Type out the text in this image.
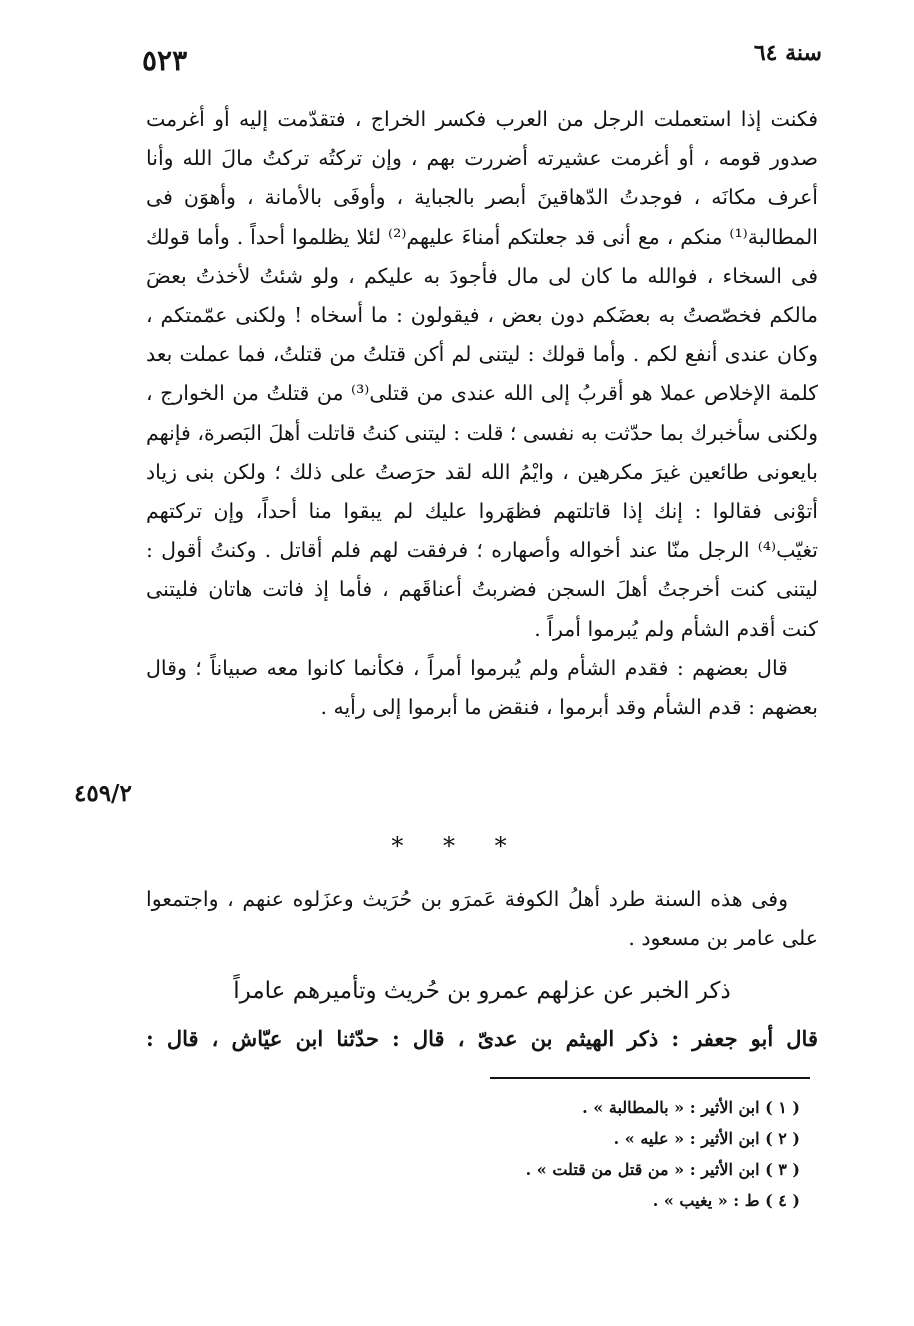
٥٢٣	سنة ٦٤

فكنت إذا استعملت الرجل من العرب فكسر الخراج ، فتقدّمت إليه أو أغرمت صدور قومه ، أو أغرمت عشيرته أضررت بهم ، وإن تركتُه تركتُ مالَ الله وأنا أعرف مكانَه ، فوجدتُ الدّهاقينَ أبصر بالجباية ، وأوفَى بالأمانة ، وأهوَن فى المطالبة⁽¹⁾ منكم ، مع أنى قد جعلتكم أمناءَ عليهم⁽²⁾ لئلا يظلموا أحداً . وأما قولك فى السخاء ، فوالله ما كان لى مال فأجودَ به عليكم ، ولو شئتُ لأخذتُ بعضَ مالكم فخصّصتُ به بعضَكم دون بعض ، فيقولون : ما أسخاه ! ولكنى عمّمتكم ، وكان عندى أنفع لكم . وأما قولك : ليتنى لم أكن قتلتُ من قتلتُ، فما عملت بعد كلمة الإخلاص عملا هو أقربُ إلى الله عندى من قتلى⁽³⁾ من قتلتُ من الخوارج ، ولكنى سأخبرك بما حدّثت به نفسى ؛ قلت : ليتنى كنتُ قاتلت أهلَ البَصرة، فإنهم بايعونى طائعين غيرَ مكرهين ، وايْمُ الله لقد حرَصتُ على ذلك ؛ ولكن بنى زياد أتوْنى فقالوا : إنك إذا قاتلتهم فظهَروا عليك لم يبقوا منا أحداً، وإن تركتهم تغيّب⁽⁴⁾ الرجل منّا عند أخواله وأصهاره ؛ فرفقت لهم فلم أقاتل . وكنتُ أقول : ليتنى كنت أخرجتُ أهلَ السجن فضربتُ أعناقَهم ، فأما إذ فاتت هاتان فليتنى كنت أقدم الشأم ولم يُبرموا أمراً .

قال بعضهم : فقدم الشأم ولم يُبرموا أمراً ، فكأنما كانوا معه صبياناً ؛ وقال بعضهم : قدم الشأم وقد أبرموا ، فنقض ما أبرموا إلى رأيه .

٤٥٩/٢
* * *

وفى هذه السنة طرد أهلُ الكوفة عَمرَو بن حُرَيث وعزَلوه عنهم ، واجتمعوا على عامر بن مسعود .

ذكر الخبر عن عزلهم عمرو بن حُريث وتأميرهم عامراً
قال أبو جعفر : ذكر الهيثم بن عدىّ ، قال : حدّثنا ابن عيّاش ، قال :

( ١ ) ابن الأثير : « بالمطالبة » .

( ٢ ) ابن الأثير : « عليه » .

( ٣ ) ابن الأثير : « من قتل من قتلت » .

( ٤ ) ط : « يغيب » .
